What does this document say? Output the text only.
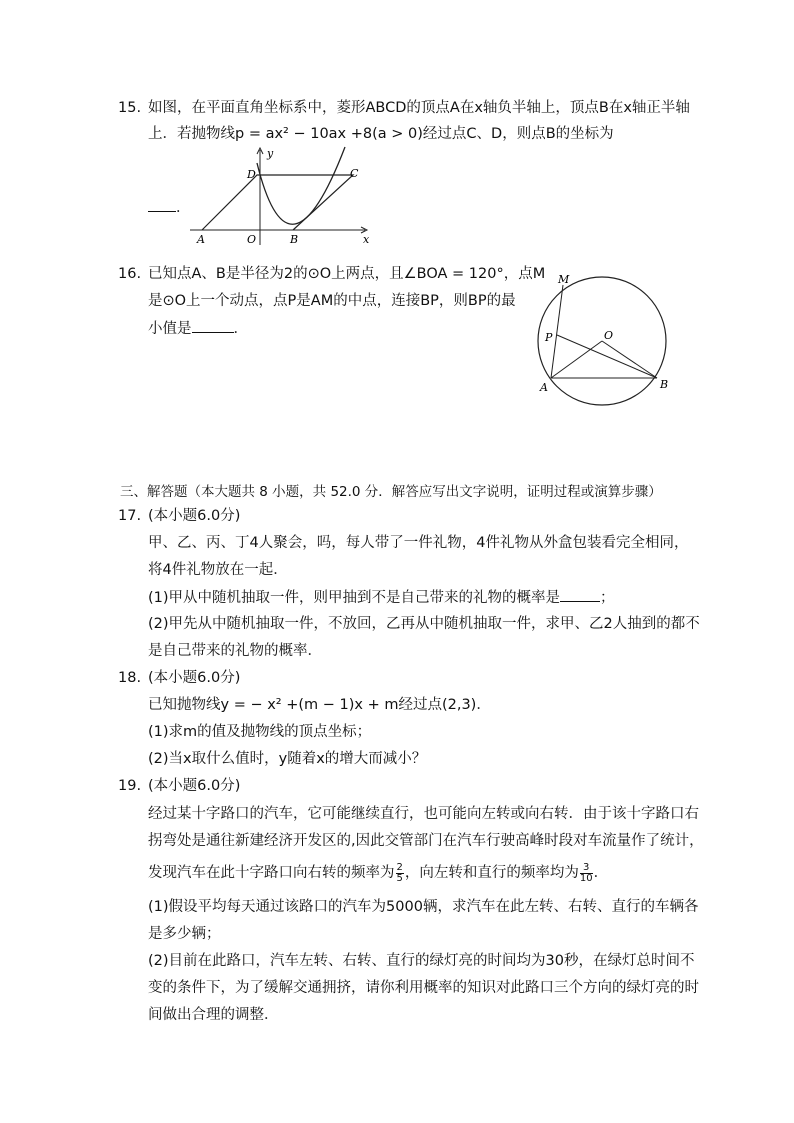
15. 如图，在平面直角坐标系中，菱形ABCD的顶点A在x轴负半轴上，顶点B在x轴正半轴
上．若抛物线p = ax² − 10ax +8(a > 0)经过点C、D，则点B的坐标为
．
y
x
A	O	B
C
D
16. 已知点A、B是半径为2的⊙O上两点，且∠BOA = 120°，点M
是⊙O上一个动点，点P是AM的中点，连接BP，则BP的最
小值是	．
M
O
P
A	B
三、解答题（本大题共 8 小题，共 52.0 分．解答应写出文字说明，证明过程或演算步骤）
17. (本小题6.0分)
甲、乙、丙、丁4人聚会，吗，每人带了一件礼物，4件礼物从外盒包装看完全相同，
将4件礼物放在一起．
(1)甲从中随机抽取一件，则甲抽到不是自己带来的礼物的概率是	；
(2)甲先从中随机抽取一件，不放回，乙再从中随机抽取一件，求甲、乙2人抽到的都不
是自己带来的礼物的概率．
18. (本小题6.0分)
已知抛物线y = − x² +(m − 1)x + m经过点(2,3)．
(1)求m的值及抛物线的顶点坐标；
(2)当x取什么值时，y随着x的增大而减小？
19. (本小题6.0分)
经过某十字路口的汽车，它可能继续直行，也可能向左转或向右转．由于该十字路口右
拐弯处是通往新建经济开发区的,因此交管部门在汽车行驶高峰时段对车流量作了统计，
发现汽车在此十字路口向右转的频率为 $\frac{2}{5}$ ，向左转和直行的频率均为 $\frac{3}{10}$ ．
(1)假设平均每天通过该路口的汽车为5000辆，求汽车在此左转、右转、直行的车辆各
是多少辆；
(2)目前在此路口，汽车左转、右转、直行的绿灯亮的时间均为30秒，在绿灯总时间不
变的条件下，为了缓解交通拥挤，请你利用概率的知识对此路口三个方向的绿灯亮的时
间做出合理的调整．
